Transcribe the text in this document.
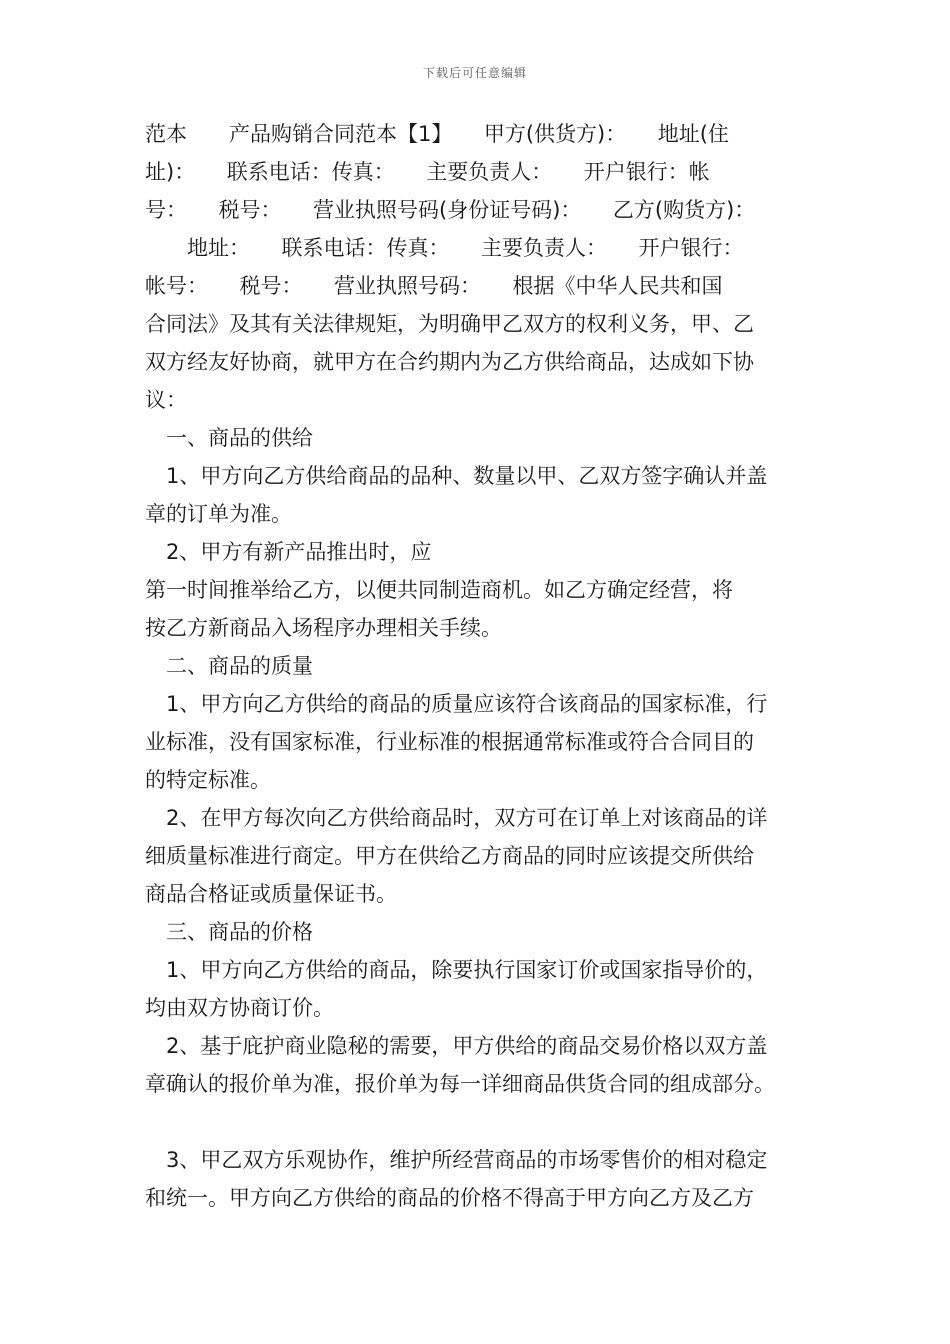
下载后可任意编辑
范本　　产品购销合同范本【1】　　甲方(供货方)：　　地址(住
址)：　　联系电话：传真：　　主要负责人：　　开户银行：帐
号：　　税号：　　营业执照号码(身份证号码)：　　乙方(购货方)：
　　地址：　　联系电话：传真：　　主要负责人：　　开户银行：
帐号：　　税号：　　营业执照号码：　　根据《中华人民共和国
合同法》及其有关法律规矩，为明确甲乙双方的权利义务，甲、乙
双方经友好协商，就甲方在合约期内为乙方供给商品，达成如下协
议：
　一、商品的供给
　1、甲方向乙方供给商品的品种、数量以甲、乙双方签字确认并盖
章的订单为准。
　2、甲方有新产品推出时，应
第一时间推举给乙方，以便共同制造商机。如乙方确定经营，将
按乙方新商品入场程序办理相关手续。
　二、商品的质量
　1、甲方向乙方供给的商品的质量应该符合该商品的国家标准，行
业标准，没有国家标准，行业标准的根据通常标准或符合合同目的
的特定标准。
　2、在甲方每次向乙方供给商品时，双方可在订单上对该商品的详
细质量标准进行商定。甲方在供给乙方商品的同时应该提交所供给
商品合格证或质量保证书。
　三、商品的价格
　1、甲方向乙方供给的商品，除要执行国家订价或国家指导价的，
均由双方协商订价。
　2、基于庇护商业隐秘的需要，甲方供给的商品交易价格以双方盖
章确认的报价单为准，报价单为每一详细商品供货合同的组成部分。
　3、甲乙双方乐观协作，维护所经营商品的市场零售价的相对稳定
和统一。甲方向乙方供给的商品的价格不得高于甲方向乙方及乙方
